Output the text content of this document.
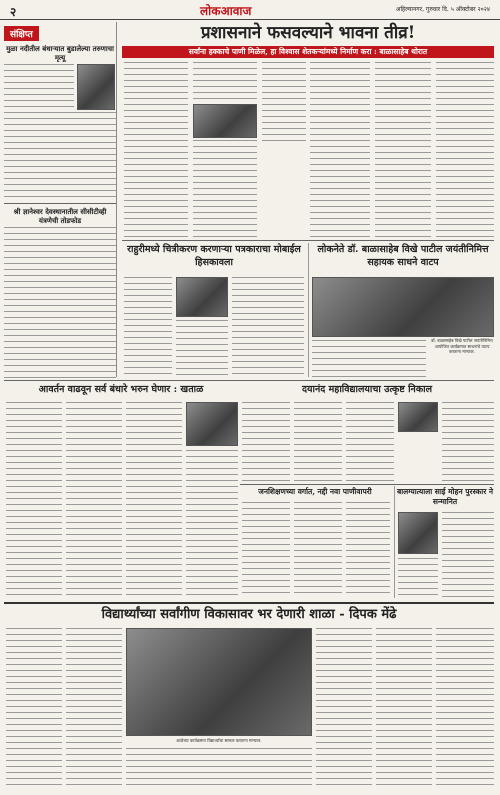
२	लोकआवाज	अहिल्यानगर, गुरुवार दि. ५ ऑक्टोबर २०२४
संक्षिप्त
मुळा नदीतील बंधाऱ्यात बुडालेल्या तरुणाचा मृत्यू
श्री ज्ञानेश्वर देवस्थानातील सीसीटीव्ही यंत्रणेची तोडफोड
प्रशासनाने फसवल्याने भावना तीव्र!
सर्वांना हक्काचे पाणी मिळेल, हा विश्वास शेतकऱ्यांमध्ये निर्माण करा : बाळासाहेब थोरात
राहुरीमध्ये चित्रीकरण करणाऱ्या पत्रकाराचा मोबाईल हिसकावला
लोकनेते डॉ. बाळासाहेब विखे पाटील जयंतीनिमित्त सहायक साधने वाटप
डॉ. बाळासाहेब विखे पाटील जयंतीनिमित्त आयोजित कार्यक्रमात साधनांचे वाटप करताना मान्यवर.
आवर्तन वाढवून सर्व बंधारे भरुन घेणार : खताळ	दयानंद महाविद्यालयाचा उत्कृष्ट निकाल
जनशिक्षणच्या वर्गात, नद्दी नवा पाणीवापरी	बालग्यात्याला साई मोहन पुरस्कार ने सन्मानित
विद्यार्थ्यांच्या सर्वांगीण विकासावर भर देणारी शाळा - दिपक मेंढे
शाळेच्या कार्यक्रमात विद्यार्थ्यांचा सत्कार करताना मान्यवर.
